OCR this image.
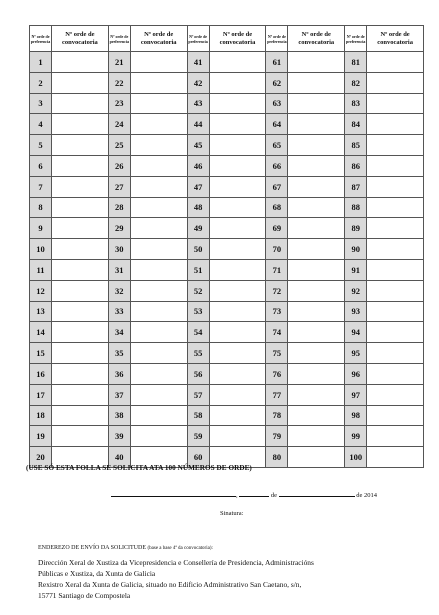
Nº orde de preferencia	Nº orde de convocatoria	Nº orde de preferencia	Nº orde de convocatoria	Nº orde de preferencia	Nº orde de convocatoria	Nº orde de preferencia	Nº orde de convocatoria	Nº orde de preferencia	Nº orde de convocatoria
1		21		41		61		81	
2		22		42		62		82	
3		23		43		63		83	
4		24		44		64		84	
5		25		45		65		85	
6		26		46		66		86	
7		27		47		67		87	
8		28		48		68		88	
9		29		49		69		89	
10		30		50		70		90	
11		31		51		71		91	
12		32		52		72		92	
13		33		53		73		93	
14		34		54		74		94	
15		35		55		75		95	
16		36		56		76		96	
17		37		57		77		97	
18		38		58		78		98	
19		39		59		79		99	
20		40		60		80		100	
(USE SÓ ESTA FOLLA SE SOLICITA ATA 100 NÚMEROS DE ORDE)
,	de	de 2014
Sinatura:
ENDEREZO DE ENVÍO DA SOLICITUDE (base a base 4ª da convocatoria):
Dirección Xeral de Xustiza da Vicepresidencia e Consellería de Presidencia, Administracións
Públicas e Xustiza, da Xunta de Galicia
Rexistro Xeral da Xunta de Galicia, situado no Edificio Administrativo San Caetano, s/n,
15771 Santiago de Compostela
